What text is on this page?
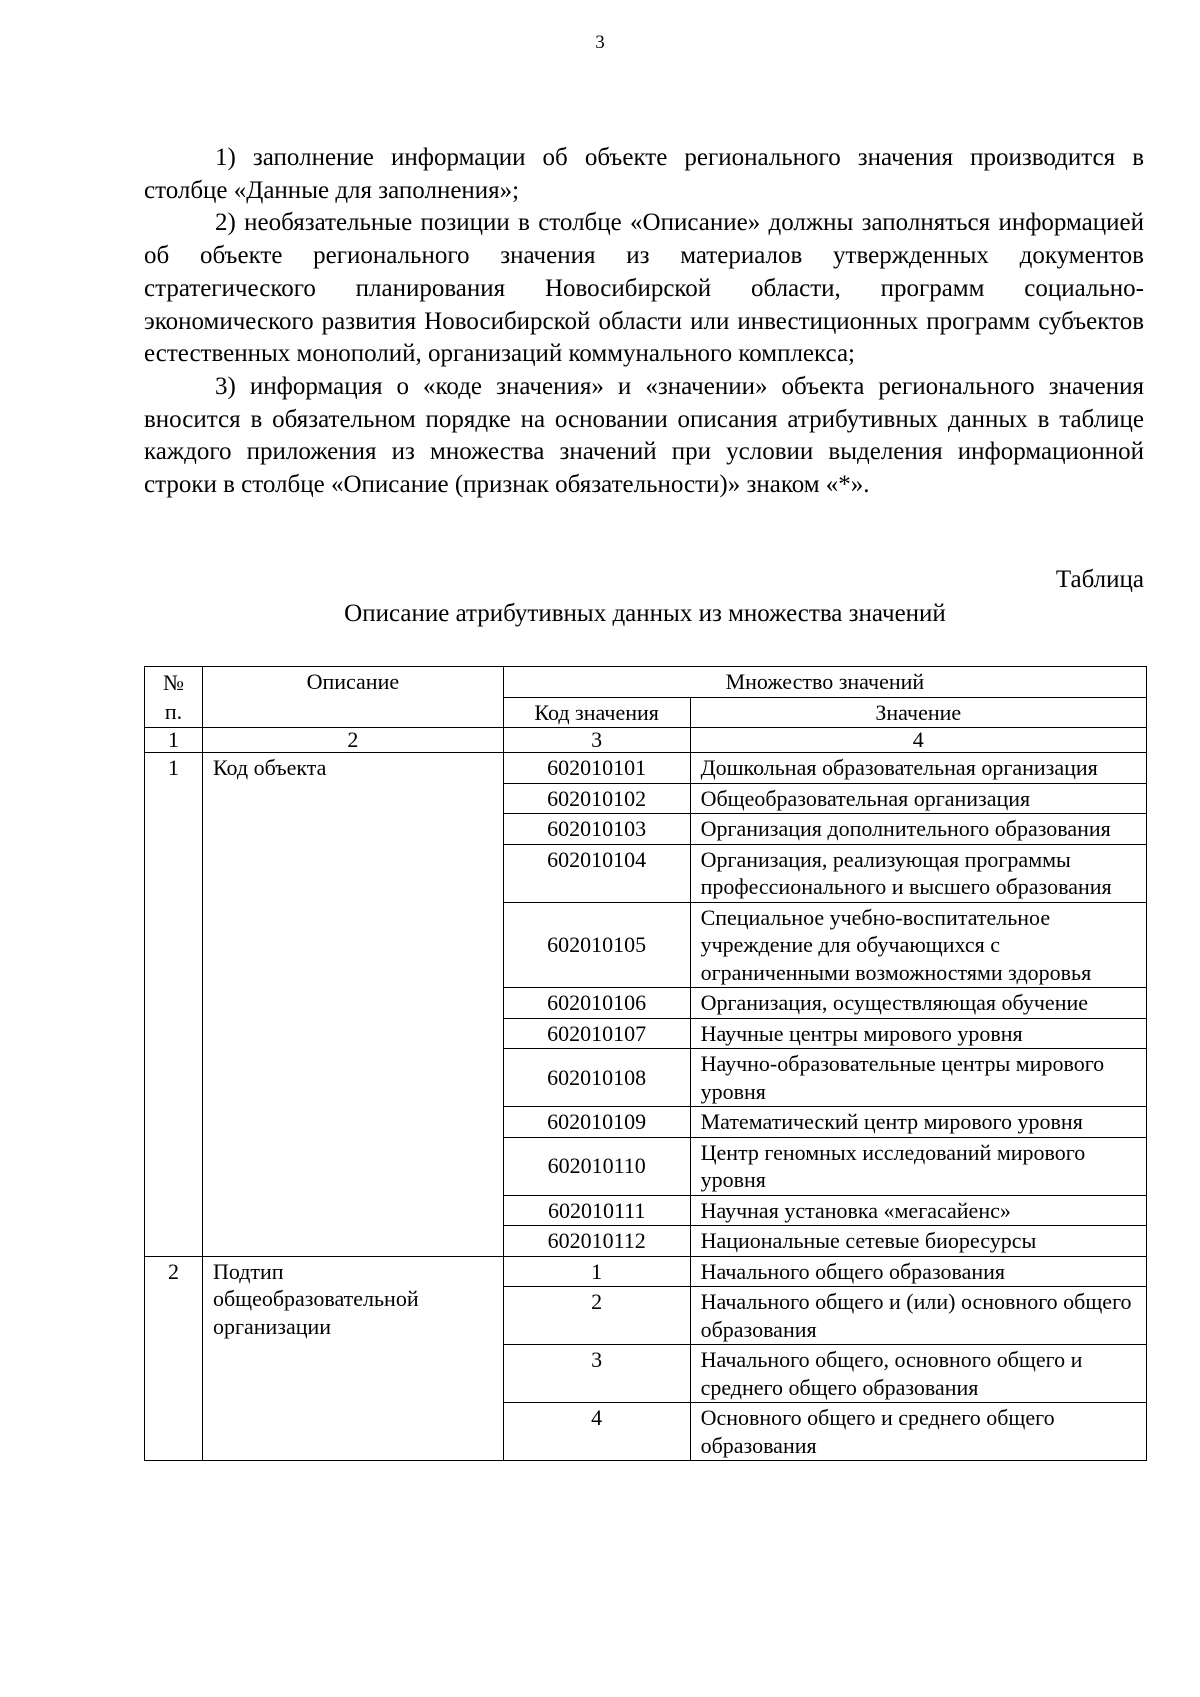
3

1) заполнение информации об объекте регионального значения производится в столбце «Данные для заполнения»;

2) необязательные позиции в столбце «Описание» должны заполняться информацией об объекте регионального значения из материалов утвержденных документов стратегического планирования Новосибирской области, программ социально-экономического развития Новосибирской области или инвестиционных программ субъектов естественных монополий, организаций коммунального комплекса;

3) информация о «коде значения» и «значении» объекта регионального значения вносится в обязательном порядке на основании описания атрибутивных данных в таблице каждого приложения из множества значений при условии выделения информационной строки в столбце «Описание (признак обязательности)» знаком «*».

Таблица
Описание атрибутивных данных из множества значений
№ п.	Описание	Множество значений	
		Код значения	Значение
1	2	3	4
1	Код объекта	602010101	Дошкольная образовательная организация
		602010102	Общеобразовательная организация
		602010103	Организация дополнительного образования
		602010104	Организация, реализующая программы профессионального и высшего образования
		602010105	Специальное учебно-воспитательное учреждение для обучающихся с ограниченными возможностями здоровья
		602010106	Организация, осуществляющая обучение
		602010107	Научные центры мирового уровня
		602010108	Научно-образовательные центры мирового уровня
		602010109	Математический центр мирового уровня
		602010110	Центр геномных исследований мирового уровня
		602010111	Научная установка «мегасайенс»
		602010112	Национальные сетевые биоресурсы
2	Подтип общеобразовательной организации	1	Начального общего образования
		2	Начального общего и (или) основного общего образования
		3	Начального общего, основного общего и среднего общего образования
		4	Основного общего и среднего общего образования
